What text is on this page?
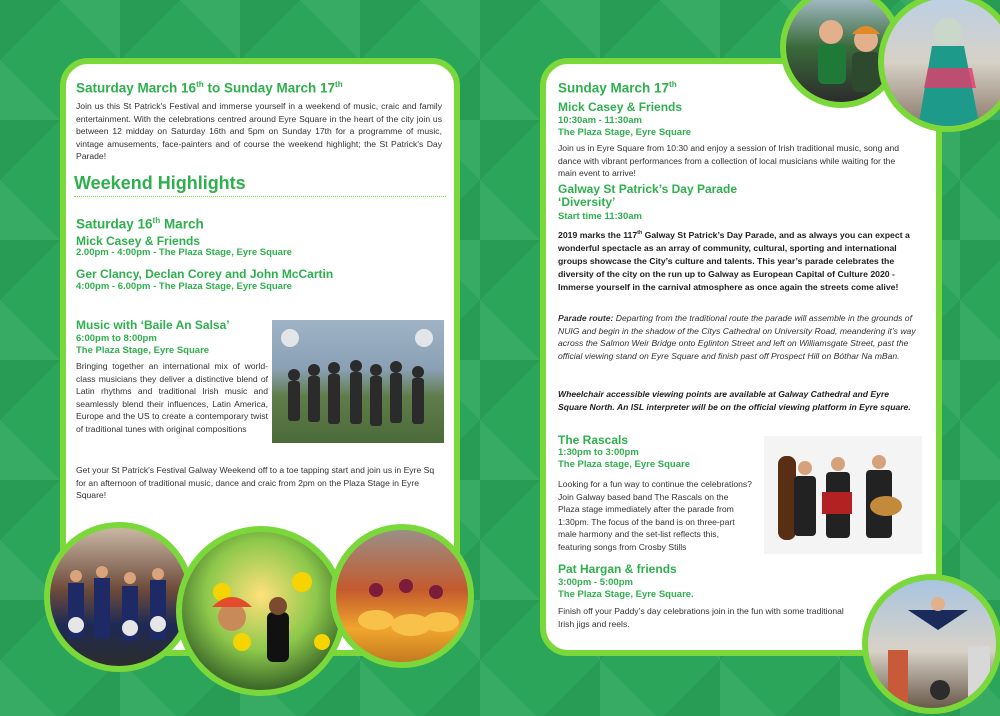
Saturday March 16th to Sunday March 17th

Join us this St Patrick's Festival and immerse yourself in a weekend of music, craic and family entertainment. With the celebrations centred around Eyre Square in the heart of the city join us between 12 midday on Saturday 16th and 5pm on Sunday 17th for a programme of music, vintage amusements, face-painters and of course the weekend highlight; the St Patrick's Day Parade!

Weekend Highlights
Saturday 16th March
Mick Casey & Friends
2.00pm - 4:00pm - The Plaza Stage, Eyre Square
Ger Clancy, Declan Corey and John McCartin
4:00pm - 6.00pm - The Plaza Stage, Eyre Square
Music with ‘Baile An Salsa’
6:00pm to 8:00pm
The Plaza Stage, Eyre Square

Bringing together an international mix of world-class musicians they deliver a distinctive blend of Latin rhythms and traditional Irish music and seamlessly blend their influences, Latin America, Europe and the US to create a contemporary twist of traditional tunes with original compositions

Get your St Patrick's Festival Galway Weekend off to a toe tapping start and join us in Eyre Sq for an afternoon of traditional music, dance and craic from 2pm on the Plaza Stage in Eyre Square!

Sunday March 17th
Mick Casey & Friends
10:30am - 11:30am
The Plaza Stage, Eyre Square

Join us in Eyre Square from 10:30 and enjoy a session of Irish traditional music, song and dance with vibrant performances from a collection of local musicians while waiting for the main event to arrive!

Galway St Patrick’s Day Parade
‘Diversity’
Start time 11:30am

2019 marks the 117th Galway St Patrick’s Day Parade, and as always you can expect a wonderful spectacle as an array of community, cultural, sporting and international groups showcase the City’s culture and talents. This year’s parade celebrates the diversity of the city on the run up to Galway as European Capital of Culture 2020 - Immerse yourself in the carnival atmosphere as once again the streets come alive!

Parade route: Departing from the traditional route the parade will assemble in the grounds of NUIG and begin in the shadow of the Citys Cathedral on University Road, meandering it’s way across the Salmon Weir Bridge onto Eglinton Street and left on Williamsgate Street, past the official viewing stand on Eyre Square and finish past off Prospect Hill on Bóthar Na mBan.

Wheelchair accessible viewing points are available at Galway Cathedral and Eyre Square North. An ISL interpreter will be on the official viewing platform in Eyre square.

The Rascals
1:30pm to 3:00pm
The Plaza stage, Eyre Square

Looking for a fun way to continue the celebrations? Join Galway based band The Rascals on the Plaza stage immediately after the parade from 1:30pm. The focus of the band is on three-part male harmony and the set-list reflects this, featuring songs from Crosby Stills

Pat Hargan & friends
3:00pm - 5:00pm
The Plaza Stage, Eyre Square.

Finish off your Paddy’s day celebrations join in the fun with some traditional Irish jigs and reels.
